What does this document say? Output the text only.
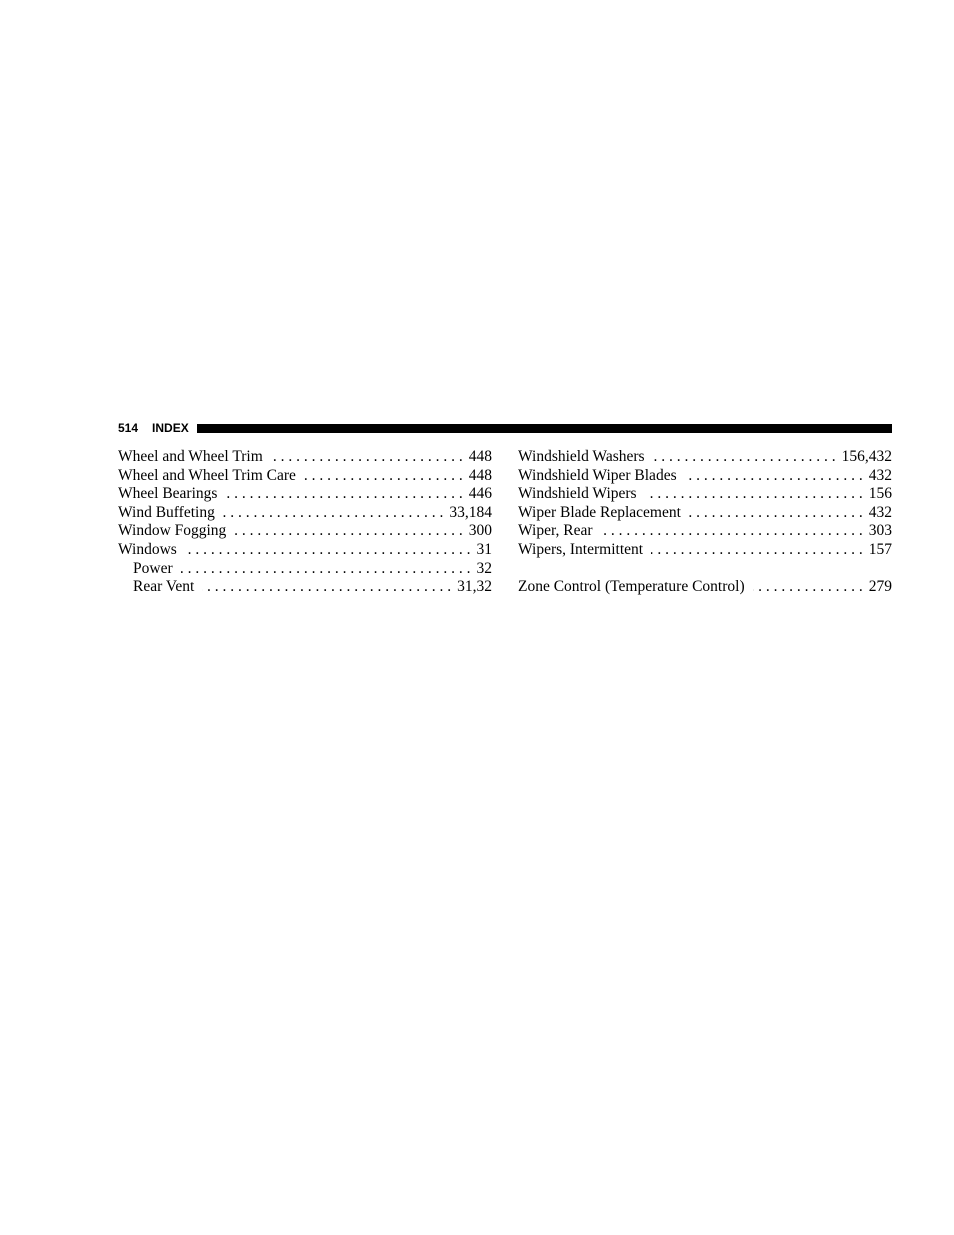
514 INDEX
Wheel and Wheel Trim . . .	448
Wheel and Wheel Trim Care . . .	448
Wheel Bearings . . .	446
Wind Buffeting . . .	33,184
Window Fogging . . .	300
Windows . . .	31
Power . . .	32
Rear Vent . . .	31,32
Windshield Washers . . .	156,432
Windshield Wiper Blades . . .	432
Windshield Wipers . . .	156
Wiper Blade Replacement . . .	432
Wiper, Rear . . .	303
Wipers, Intermittent . . .	157
Zone Control (Temperature Control) . . .	279
